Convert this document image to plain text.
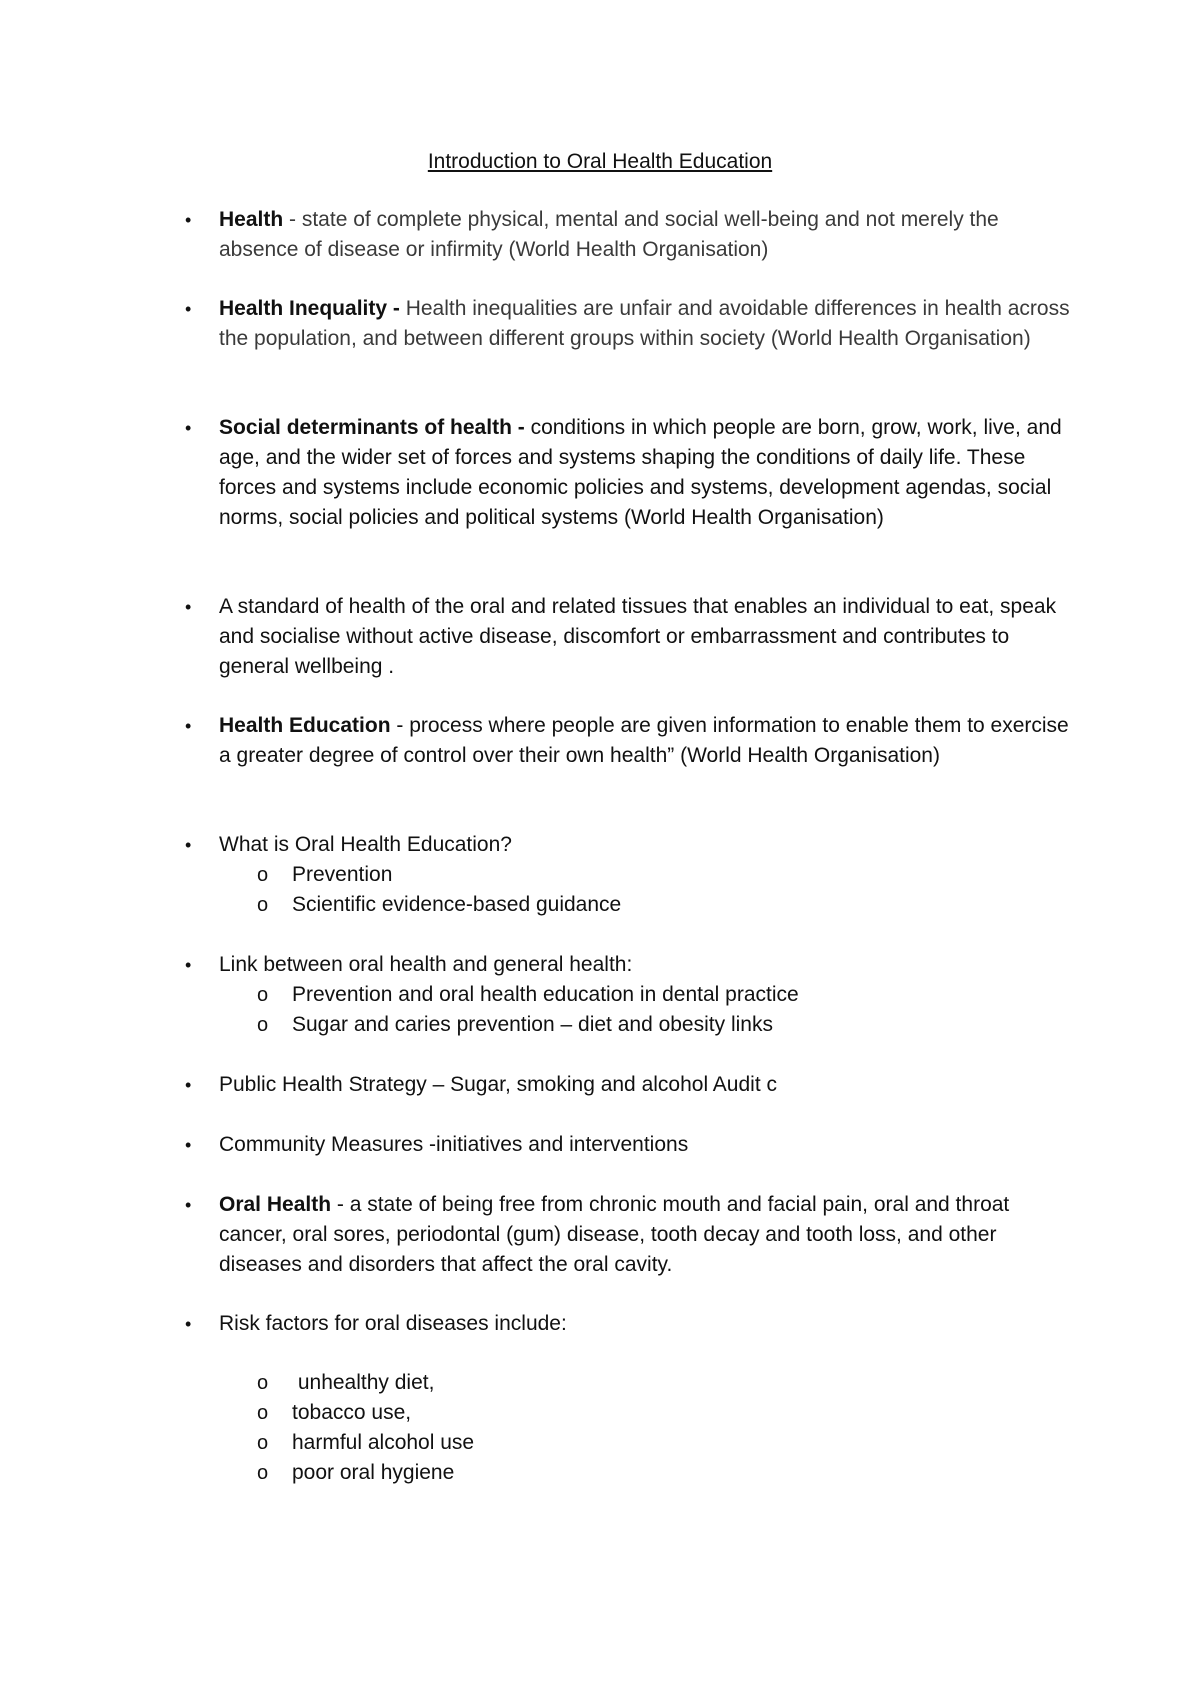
Introduction to Oral Health Education
• Health - state of complete physical, mental and social well-being and not merely the absence of disease or infirmity (World Health Organisation)
• Health Inequality - Health inequalities are unfair and avoidable differences in health across the population, and between different groups within society (World Health Organisation)
• Social determinants of health - conditions in which people are born, grow, work, live, and age, and the wider set of forces and systems shaping the conditions of daily life. These forces and systems include economic policies and systems, development agendas, social norms, social policies and political systems (World Health Organisation)
• A standard of health of the oral and related tissues that enables an individual to eat, speak and socialise without active disease, discomfort or embarrassment and contributes to general wellbeing .
• Health Education - process where people are given information to enable them to exercise a greater degree of control over their own health” (World Health Organisation)
• What is Oral Health Education?
o Prevention
o Scientific evidence-based guidance
• Link between oral health and general health:
o Prevention and oral health education in dental practice
o Sugar and caries prevention – diet and obesity links
• Public Health Strategy – Sugar, smoking and alcohol Audit c
• Community Measures -initiatives and interventions
• Oral Health - a state of being free from chronic mouth and facial pain, oral and throat cancer, oral sores, periodontal (gum) disease, tooth decay and tooth loss, and other diseases and disorders that affect the oral cavity.
• Risk factors for oral diseases include:
o unhealthy diet,
o tobacco use,
o harmful alcohol use
o poor oral hygiene
